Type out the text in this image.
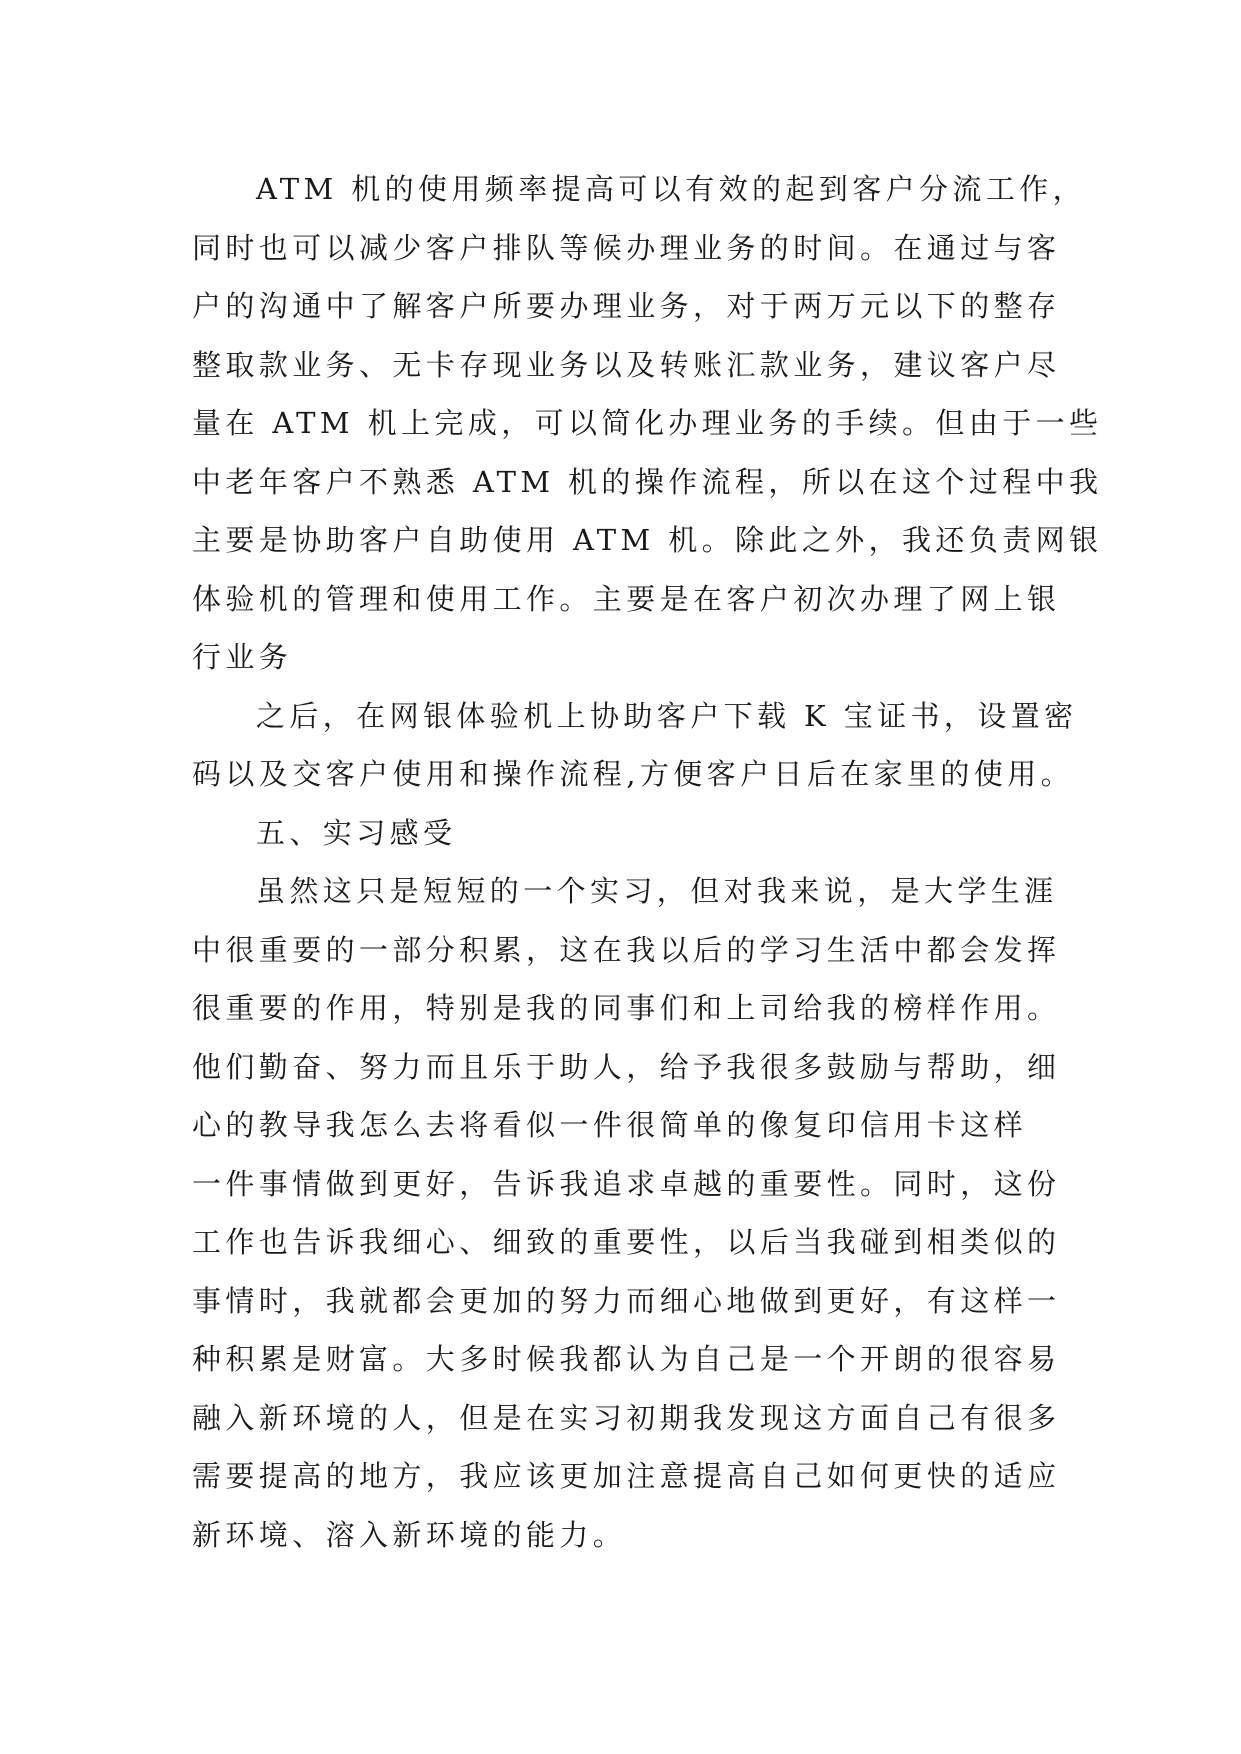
ATM 机的使用频率提高可以有效的起到客户分流工作，
同时也可以减少客户排队等候办理业务的时间。在通过与客
户的沟通中了解客户所要办理业务，对于两万元以下的整存
整取款业务、无卡存现业务以及转账汇款业务，建议客户尽
量在 ATM 机上完成，可以简化办理业务的手续。但由于一些
中老年客户不熟悉 ATM 机的操作流程，所以在这个过程中我
主要是协助客户自助使用 ATM 机。除此之外，我还负责网银
体验机的管理和使用工作。主要是在客户初次办理了网上银
行业务
之后，在网银体验机上协助客户下载 K 宝证书，设置密
码以及交客户使用和操作流程,方便客户日后在家里的使用。
五、实习感受
虽然这只是短短的一个实习，但对我来说，是大学生涯
中很重要的一部分积累，这在我以后的学习生活中都会发挥
很重要的作用，特别是我的同事们和上司给我的榜样作用。
他们勤奋、努力而且乐于助人，给予我很多鼓励与帮助，细
心的教导我怎么去将看似一件很简单的像复印信用卡这样
一件事情做到更好，告诉我追求卓越的重要性。同时，这份
工作也告诉我细心、细致的重要性，以后当我碰到相类似的
事情时，我就都会更加的努力而细心地做到更好，有这样一
种积累是财富。大多时候我都认为自己是一个开朗的很容易
融入新环境的人，但是在实习初期我发现这方面自己有很多
需要提高的地方，我应该更加注意提高自己如何更快的适应
新环境、溶入新环境的能力。
